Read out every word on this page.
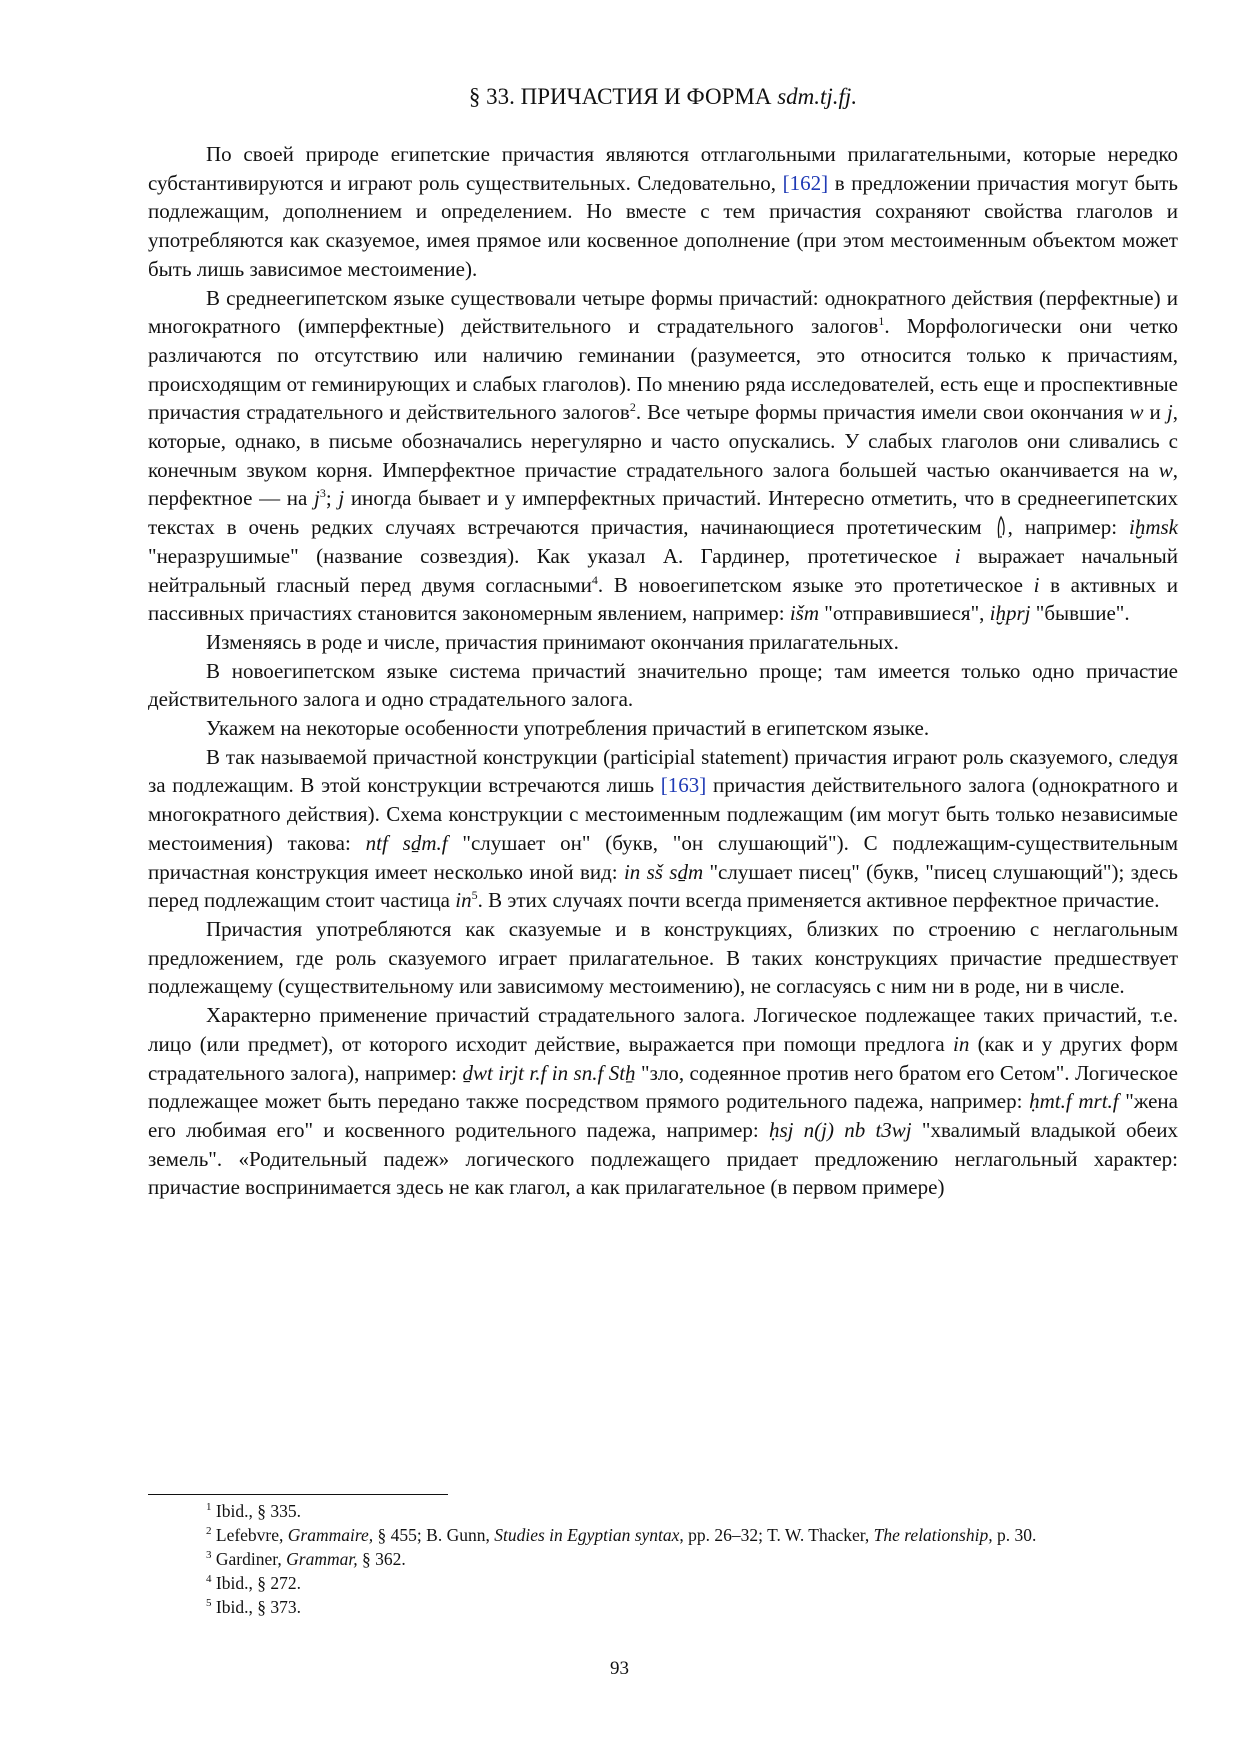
§ 33. ПРИЧАСТИЯ И ФОРМА sdm.tj.fj.

По своей природе египетские причастия являются отглагольными прилагательными, которые нередко субстантивируются и играют роль существительных. Следовательно, [162] в предложении причастия могут быть подлежащим, дополнением и определением. Но вместе с тем причастия сохраняют свойства глаголов и употребляются как сказуемое, имея прямое или косвенное дополнение (при этом местоименным объектом может быть лишь зависимое местоимение).

В среднеегипетском языке существовали четыре формы причастий: однократного действия (перфектные) и многократного (имперфектные) действительного и страдательного залогов$^1$. Морфологически они четко различаются по отсутствию или наличию геминании (разумеется, это относится только к причастиям, происходящим от геминирующих и слабых глаголов). По мнению ряда исследователей, есть еще и проспективные причастия страдательного и действительного залогов$^2$. Все четыре формы причастия имели свои окончания w и j, которые, однако, в письме обозначались нерегулярно и часто опускались. У слабых глаголов они сливались с конечным звуком корня. Имперфектное причастие страдательного залога большей частью оканчивается на w, перфектное — на $j^3$; j иногда бывает и у имперфектных причастий. Интересно отметить, что в среднеегипетских текстах в очень редких случаях встречаются причастия, начинающиеся протетическим , например: iḫmsk "неразрушимые" (название созвездия). Как указал А. Гардинер, протетическое i выражает начальный нейтральный гласный перед двумя согласными$^4$. В новоегипетском языке это протетическое i в активных и пассивных причастиях становится закономерным явлением, например: išm "отправившиеся", iḫprj "бывшие".

Изменяясь в роде и числе, причастия принимают окончания прилагательных.

В новоегипетском языке система причастий значительно проще; там имеется только одно причастие действительного залога и одно страдательного залога.

Укажем на некоторые особенности употребления причастий в египетском языке.

В так называемой причастной конструкции (participial statement) причастия играют роль сказуемого, следуя за подлежащим. В этой конструкции встречаются лишь [163] причастия действительного залога (однократного и многократного действия). Схема конструкции с местоименным подлежащим (им могут быть только независимые местоимения) такова: ntf sḏm.f "слушает он" (букв, "он слушающий"). С подлежащим-существительным причастная конструкция имеет несколько иной вид: in sš sḏm "слушает писец" (букв, "писец слушающий"); здесь перед подлежащим стоит частица $in^5$. В этих случаях почти всегда применяется активное перфектное причастие.

Причастия употребляются как сказуемые и в конструкциях, близких по строению с неглагольным предложением, где роль сказуемого играет прилагательное. В таких конструкциях причастие предшествует подлежащему (существительному или зависимому местоимению), не согласуясь с ним ни в роде, ни в числе.

Характерно применение причастий страдательного залога. Логическое подлежащее таких причастий, т.е. лицо (или предмет), от которого исходит действие, выражается при помощи предлога in (как и у других форм страдательного залога), например: ḏwt irjt r.f in sn.f Stẖ "зло, содеянное против него братом его Сетом". Логическое подлежащее может быть передано также посредством прямого родительного падежа, например: ḥmt.f mrt.f "жена его любимая его" и косвенного родительного падежа, например: ḥsj n(j) nb t3wj "хвалимый владыкой обеих земель". «Родительный падеж» логического подлежащего придает предложению неглагольный характер: причастие воспринимается здесь не как глагол, а как прилагательное (в первом примере)

$^1$ Ibid., § 335.

$^2$ Lefebvre, Grammaire, § 455; B. Gunn, Studies in Egyptian syntax, pp. 26–32; T. W. Thacker, The relationship, p. 30.

$^3$ Gardiner, Grammar, § 362.

$^4$ Ibid., § 272.

$^5$ Ibid., § 373.

93
